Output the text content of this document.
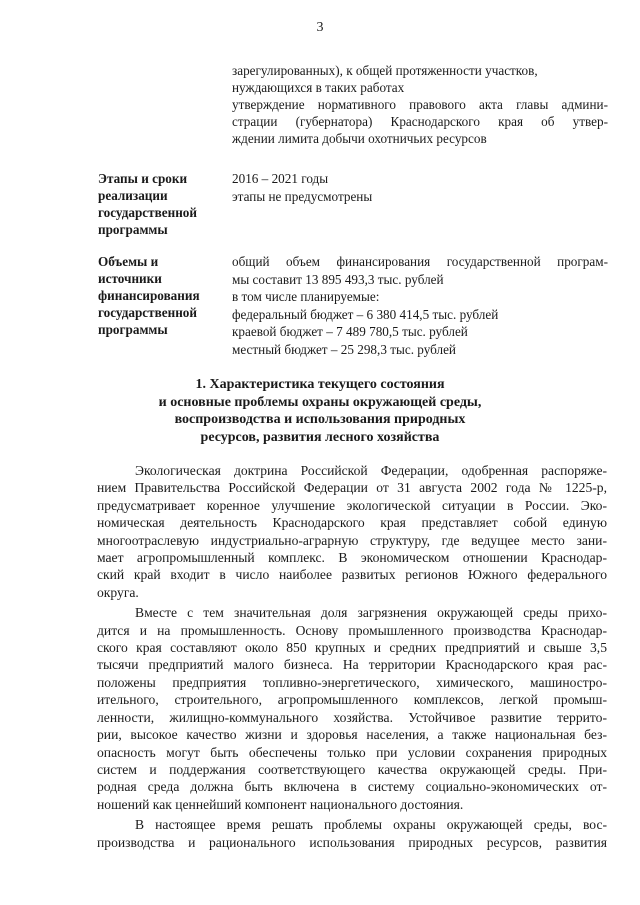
3
зарегулированных), к общей протяженности участков,
нуждающихся в таких работах
утверждение нормативного правового акта главы админи-
страции (губернатора) Краснодарского края об утвер-
ждении лимита добычи охотничьих ресурсов
Этапы и сроки
реализации
государственной
программы
2016 – 2021 годы
этапы не предусмотрены
Объемы и
источники
финансирования
государственной
программы
общий объем финансирования государственной програм-
мы составит 13 895 493,3 тыс. рублей
в том числе планируемые:
федеральный бюджет – 6 380 414,5 тыс. рублей
краевой бюджет – 7 489 780,5 тыс. рублей
местный бюджет – 25 298,3 тыс. рублей
1. Характеристика текущего состояния
и основные проблемы охраны окружающей среды,
воспроизводства и использования природных
ресурсов, развития лесного хозяйства
Экологическая доктрина Российской Федерации, одобренная распоряже-
нием Правительства Российской Федерации от 31 августа 2002 года № 1225-р,
предусматривает коренное улучшение экологической ситуации в России. Эко-
номическая деятельность Краснодарского края представляет собой единую
многоотраслевую индустриально-аграрную структуру, где ведущее место зани-
мает агропромышленный комплекс. В экономическом отношении Краснодар-
ский край входит в число наиболее развитых регионов Южного федерального
округа.
Вместе с тем значительная доля загрязнения окружающей среды прихо-
дится и на промышленность. Основу промышленного производства Краснодар-
ского края составляют около 850 крупных и средних предприятий и свыше 3,5
тысячи предприятий малого бизнеса. На территории Краснодарского края рас-
положены предприятия топливно-энергетического, химического, машиностро-
ительного, строительного, агропромышленного комплексов, легкой промыш-
ленности, жилищно-коммунального хозяйства. Устойчивое развитие террито-
рии, высокое качество жизни и здоровья населения, а также национальная без-
опасность могут быть обеспечены только при условии сохранения природных
систем и поддержания соответствующего качества окружающей среды. При-
родная среда должна быть включена в систему социально-экономических от-
ношений как ценнейший компонент национального достояния.
В настоящее время решать проблемы охраны окружающей среды, вос-
производства и рационального использования природных ресурсов, развития
